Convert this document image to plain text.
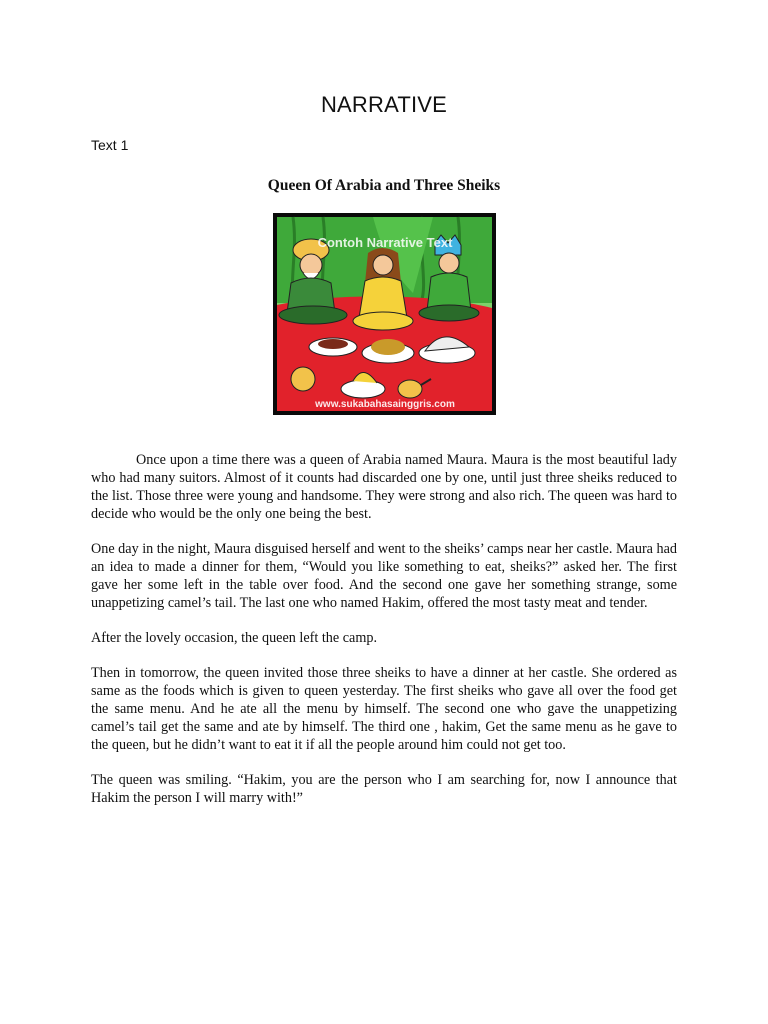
NARRATIVE
Text 1
Queen Of Arabia and Three Sheiks
Contoh Narrative Text
www.sukabahasainggris.com

Once upon a time there was a queen of Arabia named Maura. Maura is the most beautiful lady who had many suitors. Almost of it counts had discarded one by one, until just three sheiks reduced to the list. Those three were young and handsome. They were strong and also rich. The queen was hard to decide who would be the only one being the best.

One day in the night, Maura disguised herself and went to the sheiks’ camps near her castle. Maura had an idea to made a dinner for them, “Would you like something to eat, sheiks?” asked her. The first gave her some left in the table over food. And the second one gave her something strange, some unappetizing camel’s tail. The last one who named Hakim, offered the most tasty meat and tender.

After the lovely occasion, the queen left the camp.

Then in tomorrow, the queen invited those three sheiks to have a dinner at her castle. She ordered as same as the foods which is given to queen yesterday. The first sheiks who gave all over the food get the same menu. And he ate all the menu by himself. The second one who gave the unappetizing camel’s tail get the same and ate by himself. The third one , hakim, Get the same menu as he gave to the queen, but he didn’t want to eat it if all the people around him could not get too.

The queen was smiling. “Hakim, you are the person who I am searching for, now I announce that Hakim the person I will marry with!”
